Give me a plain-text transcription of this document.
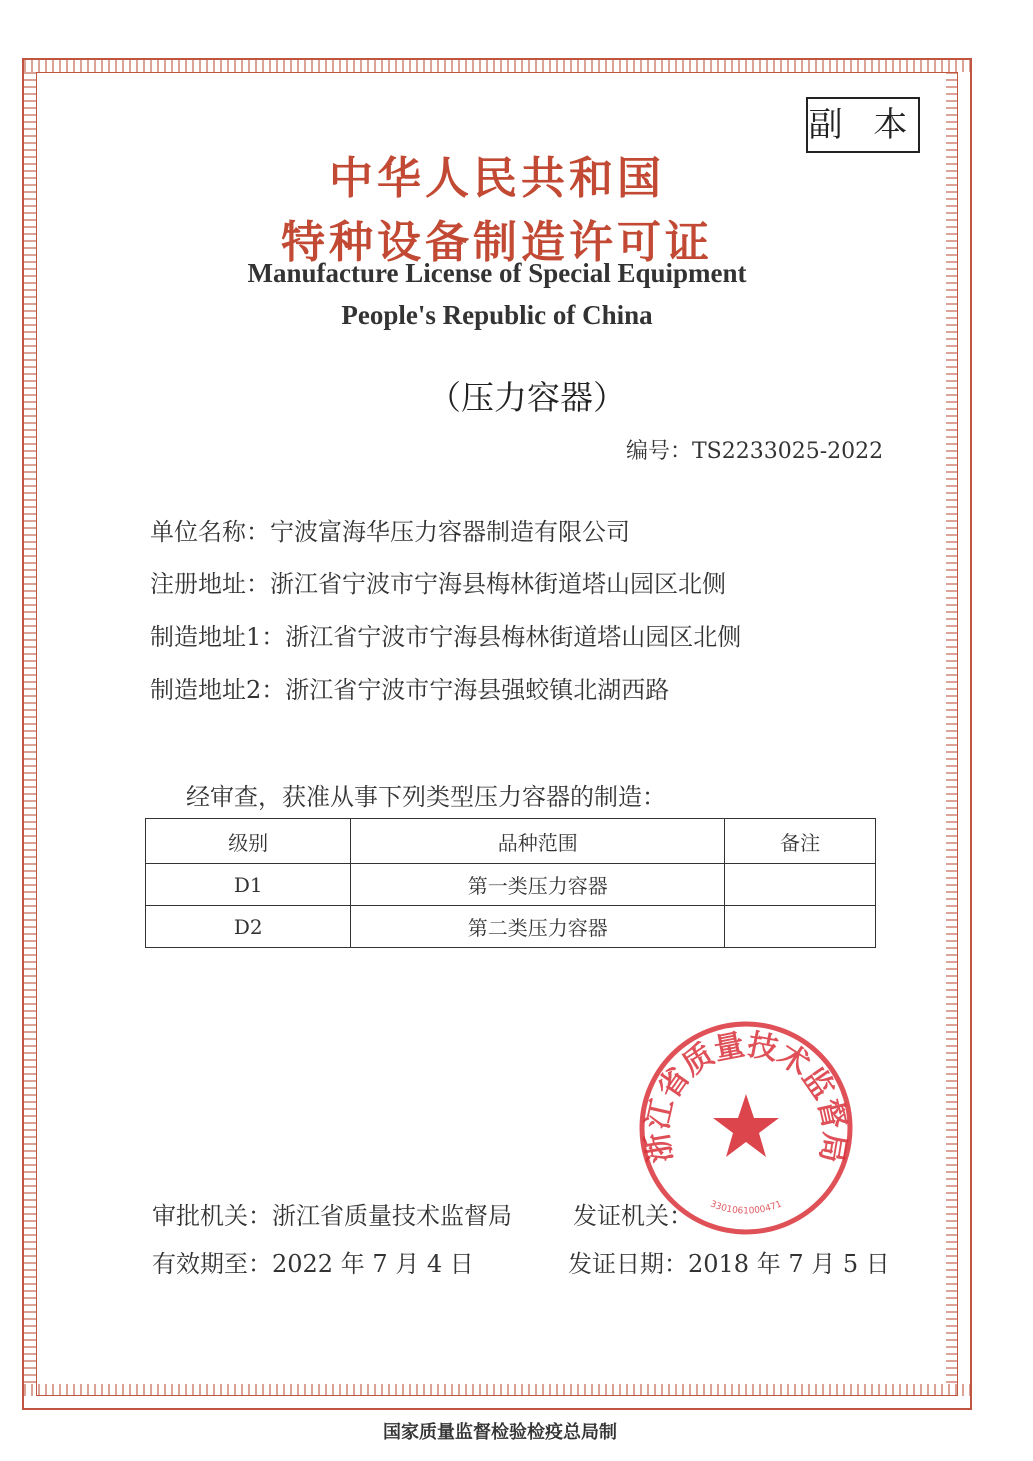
副 本
中华人民共和国
特种设备制造许可证
Manufacture License of Special Equipment
People's Republic of China
（压力容器）
编号：TS2233025-2022
单位名称：宁波富海华压力容器制造有限公司
注册地址：浙江省宁波市宁海县梅林街道塔山园区北侧
制造地址1：浙江省宁波市宁海县梅林街道塔山园区北侧
制造地址2：浙江省宁波市宁海县强蛟镇北湖西路
经审查，获准从事下列类型压力容器的制造：
级别	品种范围	备注
D1	第一类压力容器	
D2	第二类压力容器	
审批机关：浙江省质量技术监督局	发证机关：
有效期至：2022 年 7 月 4 日	发证日期：2018 年 7 月 5 日
浙江省质量技术监督局
3301061000471
国家质量监督检验检疫总局制
